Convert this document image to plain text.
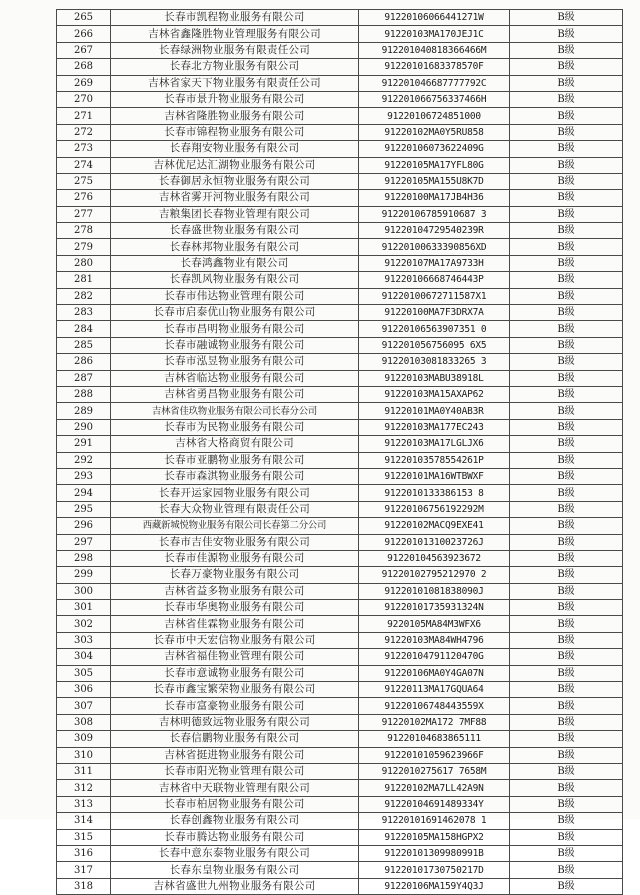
265	长春市凯程物业服务有限公司	91220106066441271W	B级
266	吉林省鑫隆胜物业管理服务有限公司	91220103MA170JEJ1C	B级
267	长春绿洲物业服务有限责任公司	912201040818366466M	B级
268	长春北方物业服务有限公司	91220101683378570F	B级
269	吉林省家天下物业服务有限责任公司	912201046687777792C	B级
270	长春市景升物业服务有限公司	912201066756337466H	B级
271	吉林省隆胜物业服务有限公司	91220106724851000	B级
272	长春市锦程物业服务有限公司	91220102MA0Y5RU858	B级
273	长春翔安物业服务有限公司	91220106073622409G	B级
274	吉林优尼达汇湖物业服务有限公司	91220105MA17YFL80G	B级
275	长春御居永恒物业服务有限公司	91220105MA155U8K7D	B级
276	吉林省雾开河物业服务有限公司	91220100MA17JB4H36	B级
277	吉粮集团长春物业管理有限公司	91220106785910687 3	B级
278	长春盛世物业服务有限公司	91220104729540239R	B级
279	长春林邦物业服务有限公司	91220100633390856XD	B级
280	长春鸿鑫物业有限公司	91220107MA17A9733H	B级
281	长春凯风物业服务有限公司	91220106668746443P	B级
282	长春市伟达物业管理有限公司	91220100672711587X1	B级
283	长春市启泰优山物业服务有限公司	91220100MA7F3DRX7A	B级
284	长春市昌明物业服务有限公司	91220106563907351 0	B级
285	长春市融诚物业服务有限公司	912201056756095 6X5	B级
286	长春市泓昱物业服务有限公司	91220103081833265 3	B级
287	吉林省临达物业服务有限公司	91220103MABU38918L	B级
288	吉林省勇昌物业服务有限公司	91220103MA15AXAP62	B级
289	吉林省佳玖物业服务有限公司长春分公司	91220101MA0Y40AB3R	B级
290	长春市为民物业服务有限公司	91220103MA177EC243	B级
291	吉林省大格商贸有限公司	91220103MA17LGLJX6	B级
292	长春市亚鹏物业服务有限公司	91220103578554261P	B级
293	长春市森淇物业服务有限公司	91220101MA16WTBWXF	B级
294	长春开运家园物业服务有限公司	9122010133386153 8	B级
295	长春大众物业管理有限责任公司	91220106756192292M	B级
296	西藏新城悦物业服务有限公司长春第二分公司	91220102MACQ9EXE41	B级
297	长春市吉佳安物业服务有限公司	91220101310023726J	B级
298	长春市佳源物业服务有限公司	91220104563923672	B级
299	长春万豪物业服务有限公司	91220102795212970 2	B级
300	吉林省益多物业服务有限公司	91220101081838090J	B级
301	长春市华奥物业服务有限公司	91220101735931324N	B级
302	吉林省佳霖物业服务有限公司	9220105MA84M3WFX6	B级
303	长春市中天宏信物业服务有限公司	91220103MA84WH4796	B级
304	吉林省福佳物业管理有限公司	91220104791120470G	B级
305	长春市意诚物业服务有限公司	91220106MA0Y4GA07N	B级
306	长春市鑫宝繁荣物业服务有限公司	91220113MA17GQUA64	B级
307	长春市富豪物业服务有限公司	91220106748443559X	B级
308	吉林明德致远物业服务有限公司	91220102MA172 7MF88	B级
309	长春信鹏物业服务有限公司	91220104683865111	B级
310	吉林省挺进物业服务有限公司	91220101059623966F	B级
311	长春市阳光物业管理有限公司	9122010275617 7658M	B级
312	吉林省中天联物业管理有限公司	91220102MA7LL42A9N	B级
313	长春市柏居物业服务有限公司	91220104691489334Y	B级
314	长春创鑫物业服务有限公司	91220101691462078 1	B级
315	长春市腾达物业服务有限公司	91220105MA158HGPX2	B级
316	长春中意东泰物业服务有限公司	91220101309980991B	B级
317	长春东皇物业服务有限公司	91220101730750217D	B级
318	吉林省盛世九州物业服务有限公司	91220106MA159Y4Q3J	B级
